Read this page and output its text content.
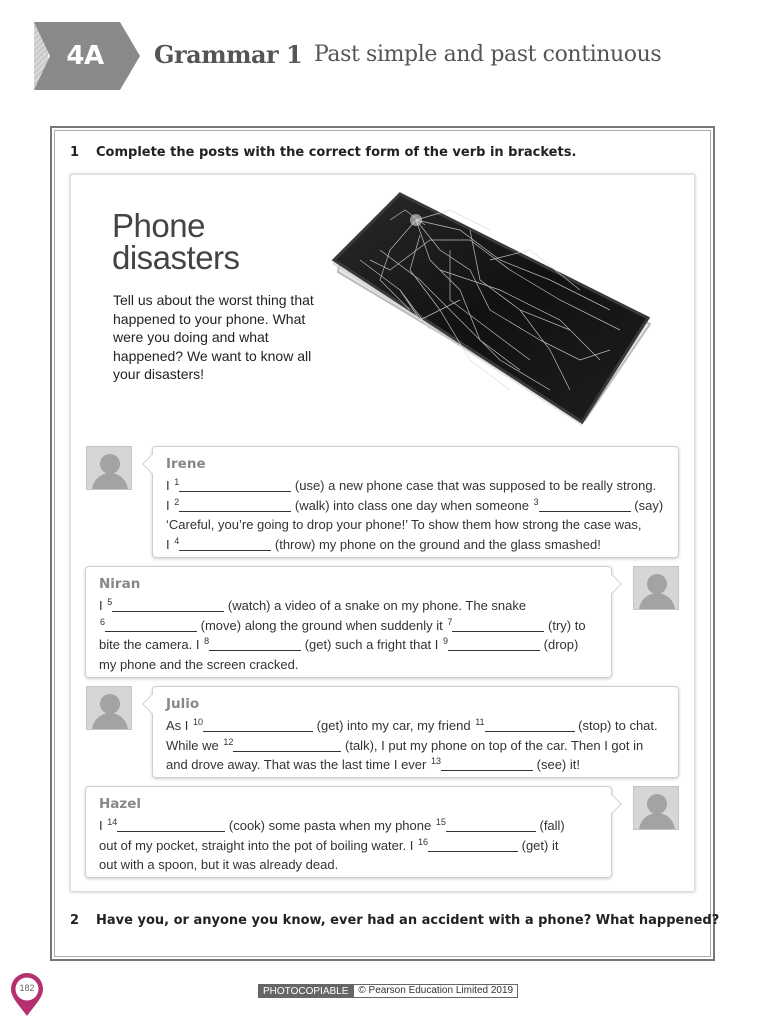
4A	Grammar 1 Past simple and past continuous
1 Complete the posts with the correct form of the verb in brackets.
Phone
disasters
Tell us about the worst thing that happened to your phone. What were you doing and what happened? We want to know all your disasters!
Irene
I $^1$	(use) a new phone case that was supposed to be really strong.
I $^2$	(walk) into class one day when someone $^3$	(say)
‘Careful, you’re going to drop your phone!’ To show them how strong the case was,
I $^4$	(throw) my phone on the ground and the glass smashed!
Niran
I $^5$	(watch) a video of a snake on my phone. The snake
$^6$	(move) along the ground when suddenly it $^7$	(try) to
bite the camera. I $^8$	(get) such a fright that I $^9$	(drop)
my phone and the screen cracked.
Julio
As I $^{10}$	(get) into my car, my friend $^{11}$	(stop) to chat.
While we $^{12}$	(talk), I put my phone on top of the car. Then I got in
and drove away. That was the last time I ever $^{13}$	(see) it!
Hazel
I $^{14}$	(cook) some pasta when my phone $^{15}$	(fall)
out of my pocket, straight into the pot of boiling water. I $^{16}$	(get) it
out with a spoon, but it was already dead.
2 Have you, or anyone you know, ever had an accident with a phone? What happened?
182	PHOTOCOPIABLE	© Pearson Education Limited 2019
